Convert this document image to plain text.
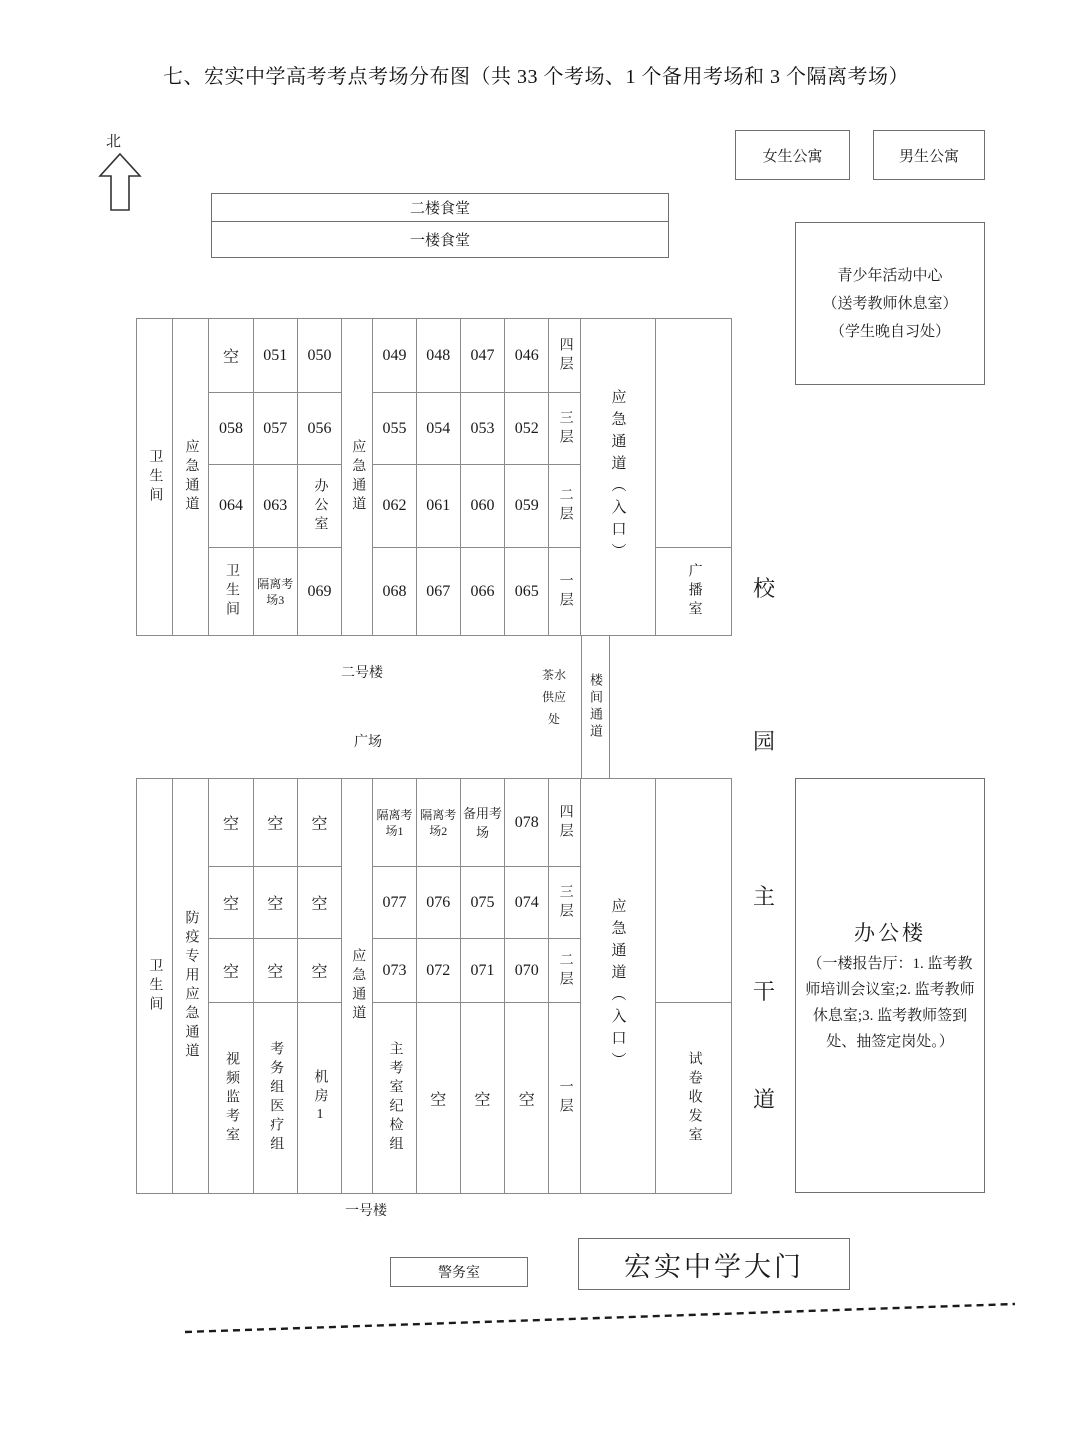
七、宏实中学高考考点考场分布图（共 33 个考场、1 个备用考场和 3 个隔离考场）
北
女生公寓	男生公寓
青少年活动中心
（送考教师休息室）
（学生晚自习处）
二楼食堂
一楼食堂
卫生间	应急通道	空	051	050	应急通道	049	048	047	046	四层	应急通道（入口）	
		058	057	056		055	054	053	052	三层		
		064	063	办公室		062	061	060	059	二层		
		卫生间	隔离考场3	069		068	067	066	065	一层		广播室
二号楼
广场
茶水供应处	楼间通道
校
园
主
干
道
卫生间	防疫专用应急通道	空	空	空	应急通道	隔离考场1	隔离考场2	备用考场	078	四层	应急通道（入口）	
		空	空	空		077	076	075	074	三层		
		空	空	空		073	072	071	070	二层		
		视频监考室	考务组医疗组	机房1		主考室纪检组	空	空	空	一层		试卷收发室
办公楼
（一楼报告厅：1. 监考教师培训会议室;2. 监考教师休息室;3. 监考教师签到处、抽签定岗处。）
一号楼
警务室	宏实中学大门
